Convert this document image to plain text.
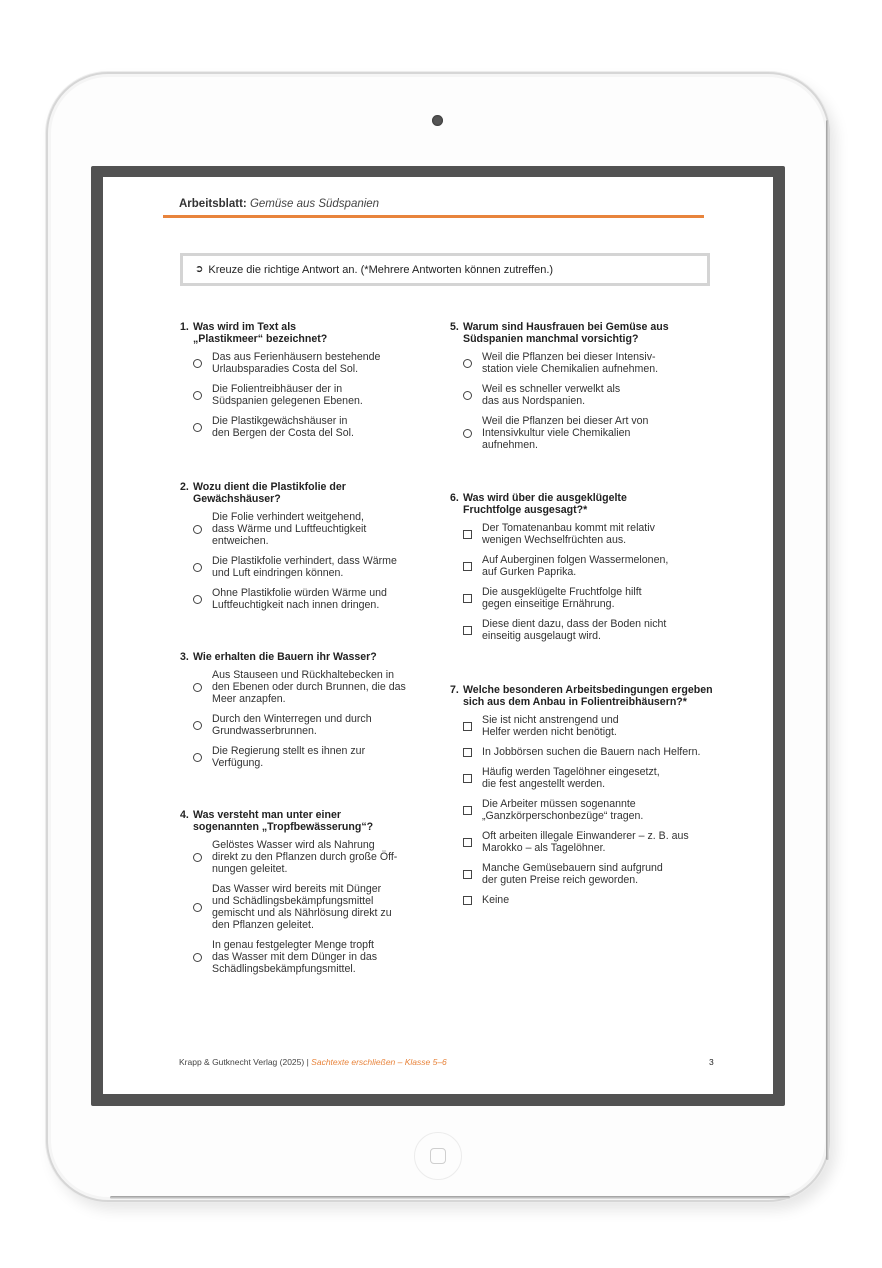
Arbeitsblatt: Gemüse aus Südspanien
➲ Kreuze die richtige Antwort an. (*Mehrere Antworten können zutreffen.)
1. Was wird im Text als
„Plastikmeer“ bezeichnet?
Das aus Ferienhäusern bestehende
Urlaubsparadies Costa del Sol.
Die Folientreibhäuser der in
Südspanien gelegenen Ebenen.
Die Plastikgewächshäuser in
den Bergen der Costa del Sol.
2. Wozu dient die Plastikfolie der
Gewächshäuser?
Die Folie verhindert weitgehend,
dass Wärme und Luftfeuchtigkeit
entweichen.
Die Plastikfolie verhindert, dass Wärme
und Luft eindringen können.
Ohne Plastikfolie würden Wärme und
Luftfeuchtigkeit nach innen dringen.
3. Wie erhalten die Bauern ihr Wasser?
Aus Stauseen und Rückhaltebecken in
den Ebenen oder durch Brunnen, die das
Meer anzapfen.
Durch den Winterregen und durch
Grundwasserbrunnen.
Die Regierung stellt es ihnen zur
Verfügung.
4. Was versteht man unter einer
sogenannten „Tropfbewässerung“?
Gelöstes Wasser wird als Nahrung
direkt zu den Pflanzen durch große Öff-
nungen geleitet.
Das Wasser wird bereits mit Dünger
und Schädlingsbekämpfungsmittel
gemischt und als Nährlösung direkt zu
den Pflanzen geleitet.
In genau festgelegter Menge tropft
das Wasser mit dem Dünger in das
Schädlingsbekämpfungsmittel.
5. Warum sind Hausfrauen bei Gemüse aus
Südspanien manchmal vorsichtig?
Weil die Pflanzen bei dieser Intensiv-
station viele Chemikalien aufnehmen.
Weil es schneller verwelkt als
das aus Nordspanien.
Weil die Pflanzen bei dieser Art von
Intensivkultur viele Chemikalien
aufnehmen.
6. Was wird über die ausgeklügelte
Fruchtfolge ausgesagt?*
Der Tomatenanbau kommt mit relativ
wenigen Wechselfrüchten aus.
Auf Auberginen folgen Wassermelonen,
auf Gurken Paprika.
Die ausgeklügelte Fruchtfolge hilft
gegen einseitige Ernährung.
Diese dient dazu, dass der Boden nicht
einseitig ausgelaugt wird.
7. Welche besonderen Arbeitsbedingungen ergeben
sich aus dem Anbau in Folientreibhäusern?*
Sie ist nicht anstrengend und
Helfer werden nicht benötigt.
In Jobbörsen suchen die Bauern nach Helfern.
Häufig werden Tagelöhner eingesetzt,
die fest angestellt werden.
Die Arbeiter müssen sogenannte
„Ganzkörperschonbezüge“ tragen.
Oft arbeiten illegale Einwanderer – z. B. aus
Marokko – als Tagelöhner.
Manche Gemüsebauern sind aufgrund
der guten Preise reich geworden.
Keine
Krapp & Gutknecht Verlag (2025) | Sachtexte erschließen – Klasse 5–6	3
